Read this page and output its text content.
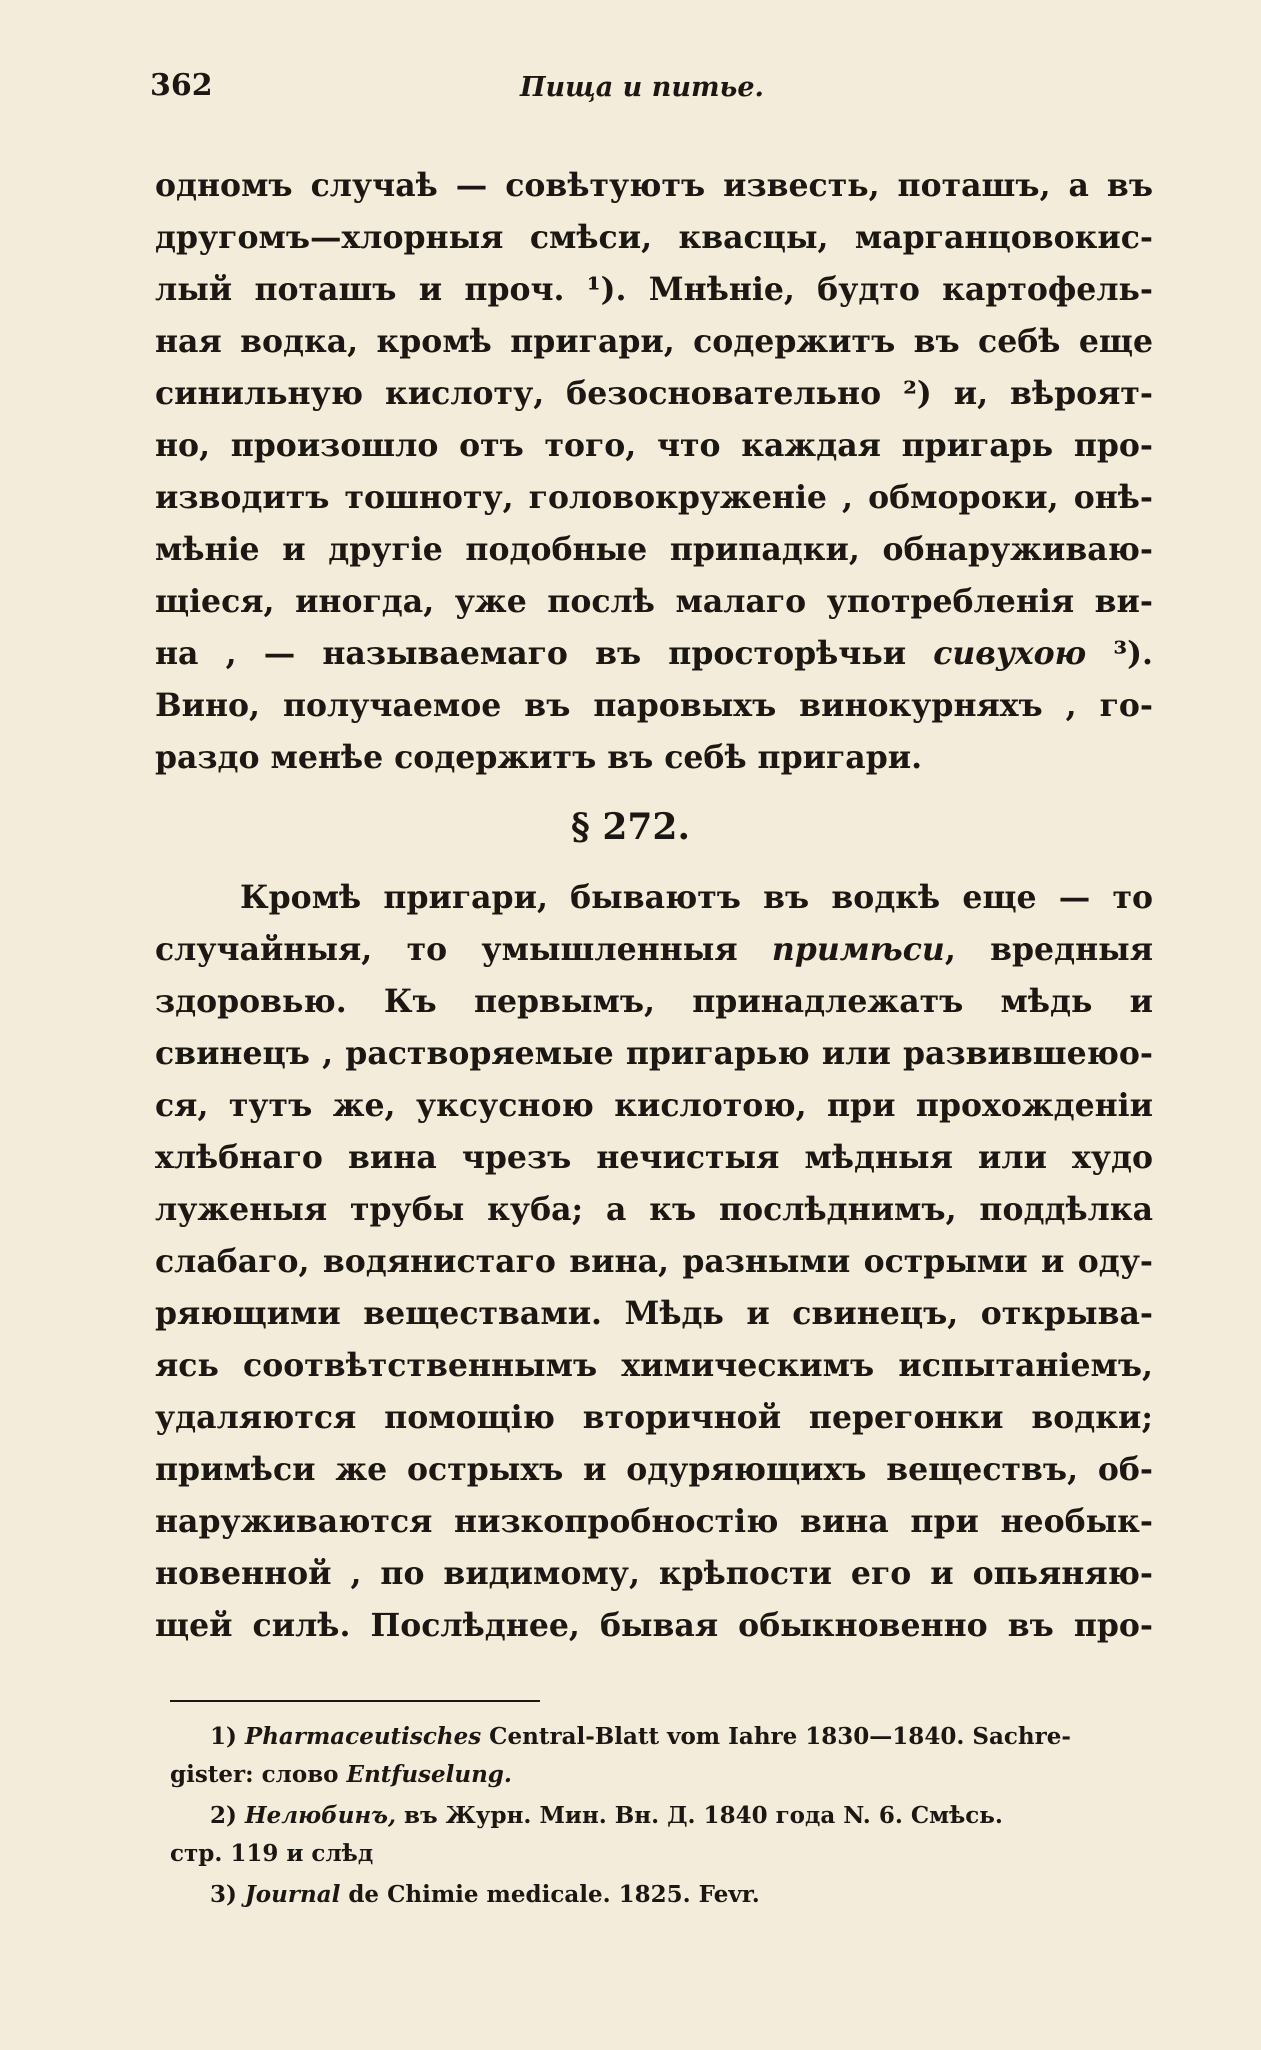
362	Пища и питье.
одномъ случаѣ — совѣтуютъ известь, поташъ, а въ
другомъ—хлорныя смѣси, квасцы, марганцовокис-
лый поташъ и проч. ¹). Мнѣніе, будто картофель-
ная водка, кромѣ пригари, содержитъ въ себѣ еще
синильную кислоту, безосновательно ²) и, вѣроят-
но, произошло отъ того, что каждая пригарь про-
изводитъ тошноту, головокруженіе , обмороки, онѣ-
мѣніе и другіе подобные припадки, обнаруживаю-
щіеся, иногда, уже послѣ малаго употребленія ви-
на , — называемаго въ просторѣчьи сивухою ³).
Вино, получаемое въ паровыхъ винокурняхъ , го-
раздо менѣе содержитъ въ себѣ пригари.
§ 272.
Кромѣ пригари, бываютъ въ водкѣ еще — то
случайныя, то умышленныя примѣси, вредныя
здоровью. Къ первымъ, принадлежатъ мѣдь и
свинецъ , растворяемые пригарью или развившеюо-
ся, тутъ же, уксусною кислотою, при прохожденіи
хлѣбнаго вина чрезъ нечистыя мѣдныя или худо
лужeныя трубы куба; а къ послѣднимъ, поддѣлка
слабаго, водянистаго вина, разными острыми и оду-
ряющими веществами. Мѣдь и свинецъ, открыва-
ясь соотвѣтственнымъ химическимъ испытаніемъ,
удаляются помощію вторичной перегонки водки;
примѣси же острыхъ и одуряющихъ веществъ, об-
наруживаются низкопробностію вина при необык-
новенной , по видимому, крѣпости его и опьяняю-
щей силѣ. Послѣднее, бывая обыкновенно въ про-
1) Pharmaceutisches Central-Blatt vom Iahre 1830—1840. Sachre-
gister: слово Entfuselung.
2) Нелюбинъ, въ Журн. Мин. Вн. Д. 1840 года N. 6. Смѣсь.
стр. 119 и слѣд
3) Journal de Chimie medicale. 1825. Fevr.
